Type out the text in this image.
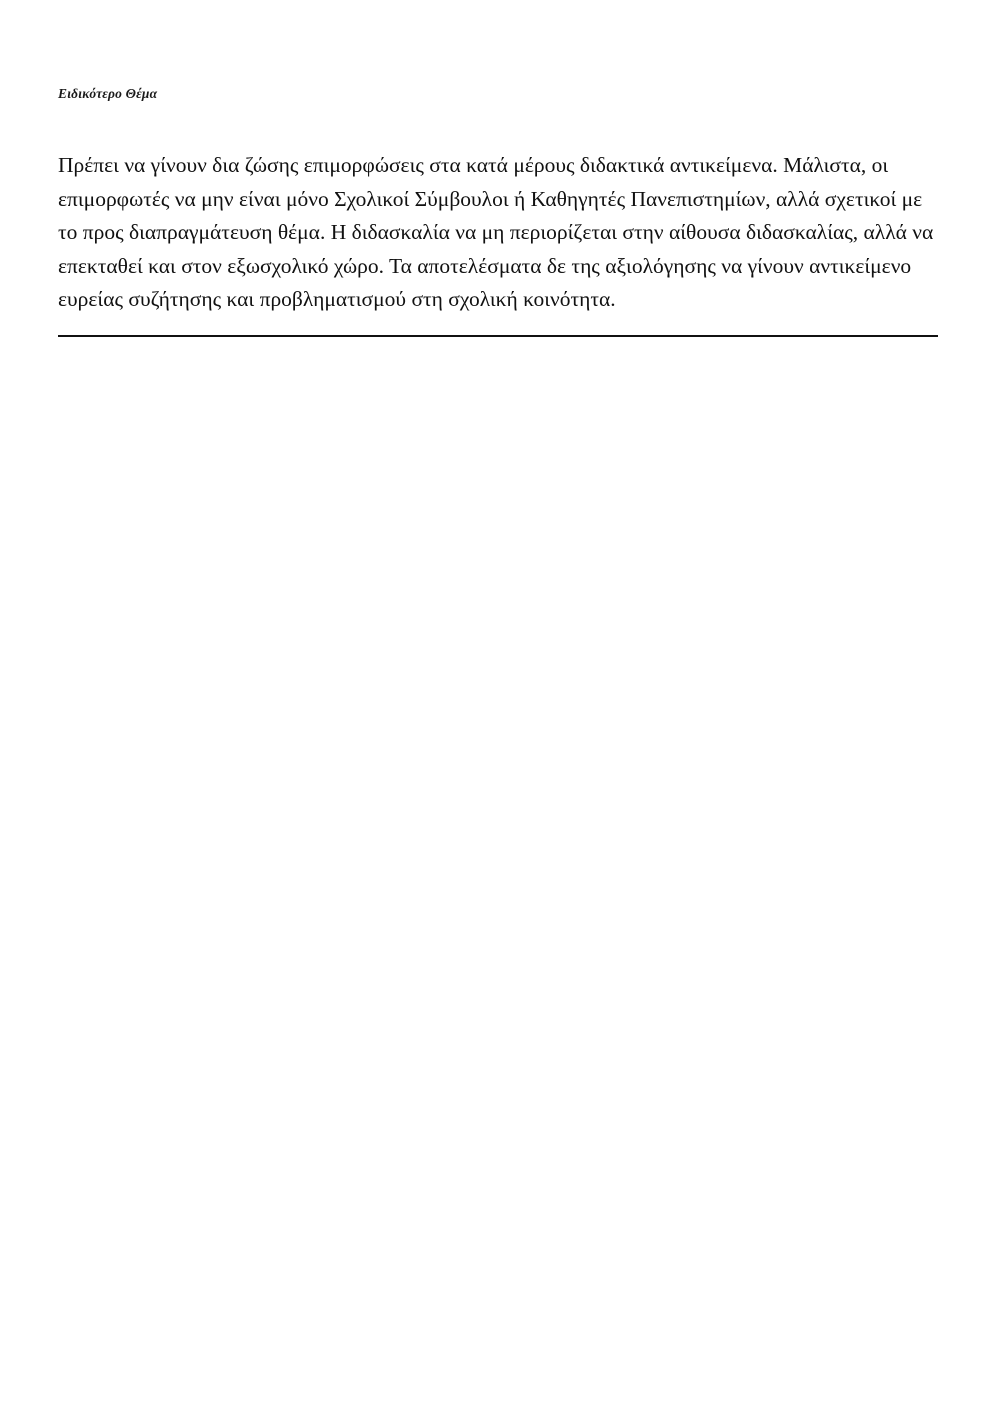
Ειδικότερο Θέμα

Πρέπει να γίνουν δια ζώσης επιμορφώσεις στα κατά μέρους διδακτικά αντικείμενα. Μάλιστα, οι επιμορφωτές να μην είναι μόνο Σχολικοί Σύμβουλοι ή Καθηγητές Πανεπιστημίων, αλλά σχετικοί με το προς διαπραγμάτευση θέμα. Η διδασκαλία να μη περιορίζεται στην αίθουσα διδασκαλίας, αλλά να επεκταθεί και στον εξωσχολικό χώρο. Τα αποτελέσματα δε της αξιολόγησης να γίνουν αντικείμενο ευρείας συζήτησης και προβληματισμού στη σχολική κοινότητα.
